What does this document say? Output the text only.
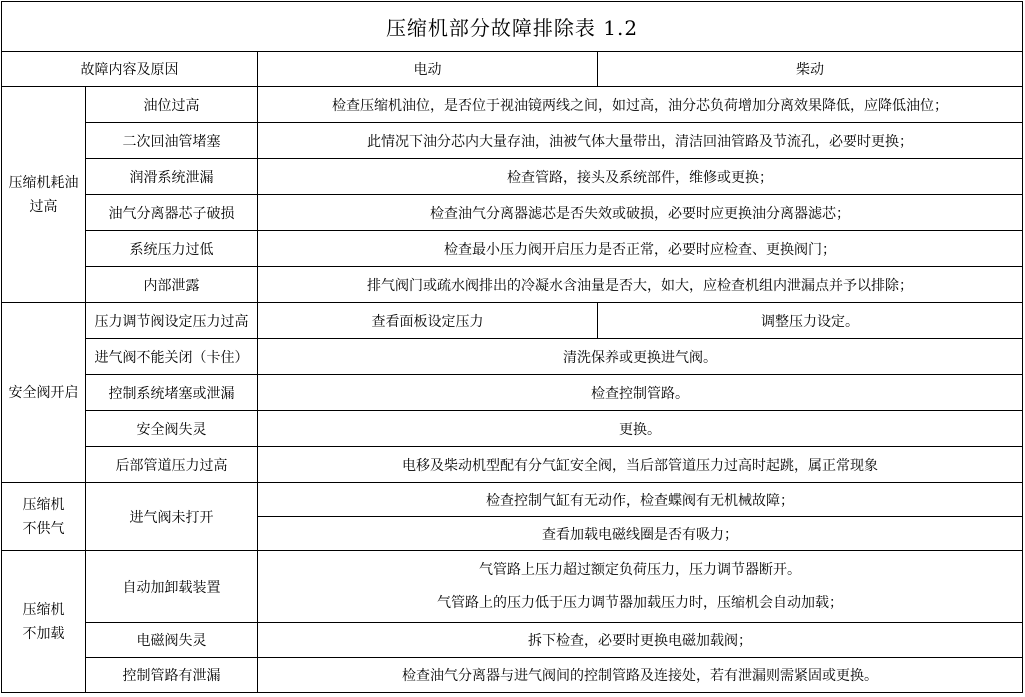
压缩机部分故障排除表 1.2			
故障内容及原因		电动	柴动

压缩机耗油
过高	油位过高	检查压缩机油位，是否位于视油镜两线之间，如过高，油分芯负荷增加分离效果降低，应降低油位；	
	二次回油管堵塞	此情况下油分芯内大量存油，油被气体大量带出，清洁回油管路及节流孔，必要时更换；	
	润滑系统泄漏	检查管路，接头及系统部件，维修或更换；	
	油气分离器芯子破损	检查油气分离器滤芯是否失效或破损，必要时应更换油分离器滤芯；	
	系统压力过低	检查最小压力阀开启压力是否正常，必要时应检查、更换阀门；	
	内部泄露	排气阀门或疏水阀排出的冷凝水含油量是否大，如大，应检查机组内泄漏点并予以排除；	

安全阀开启	压力调节阀设定压力过高	查看面板设定压力	调整压力设定。
	进气阀不能关闭（卡住）	清洗保养或更换进气阀。	
	控制系统堵塞或泄漏	检查控制管路。	
	安全阀失灵	更换。	
	后部管道压力过高	电移及柴动机型配有分气缸安全阀，当后部管道压力过高时起跳，属正常现象	

压缩机
不供气	进气阀未打开	检查控制气缸有无动作，检查蝶阀有无机械故障；	
		查看加载电磁线圈是否有吸力；	

压缩机
不加载	自动加卸载装置	气管路上压力超过额定负荷压力，压力调节器断开。
气管路上的压力低于压力调节器加载压力时，压缩机会自动加载；	

	电磁阀失灵	拆下检查，必要时更换电磁加载阀；	
	控制管路有泄漏	检查油气分离器与进气阀间的控制管路及连接处，若有泄漏则需紧固或更换。	
